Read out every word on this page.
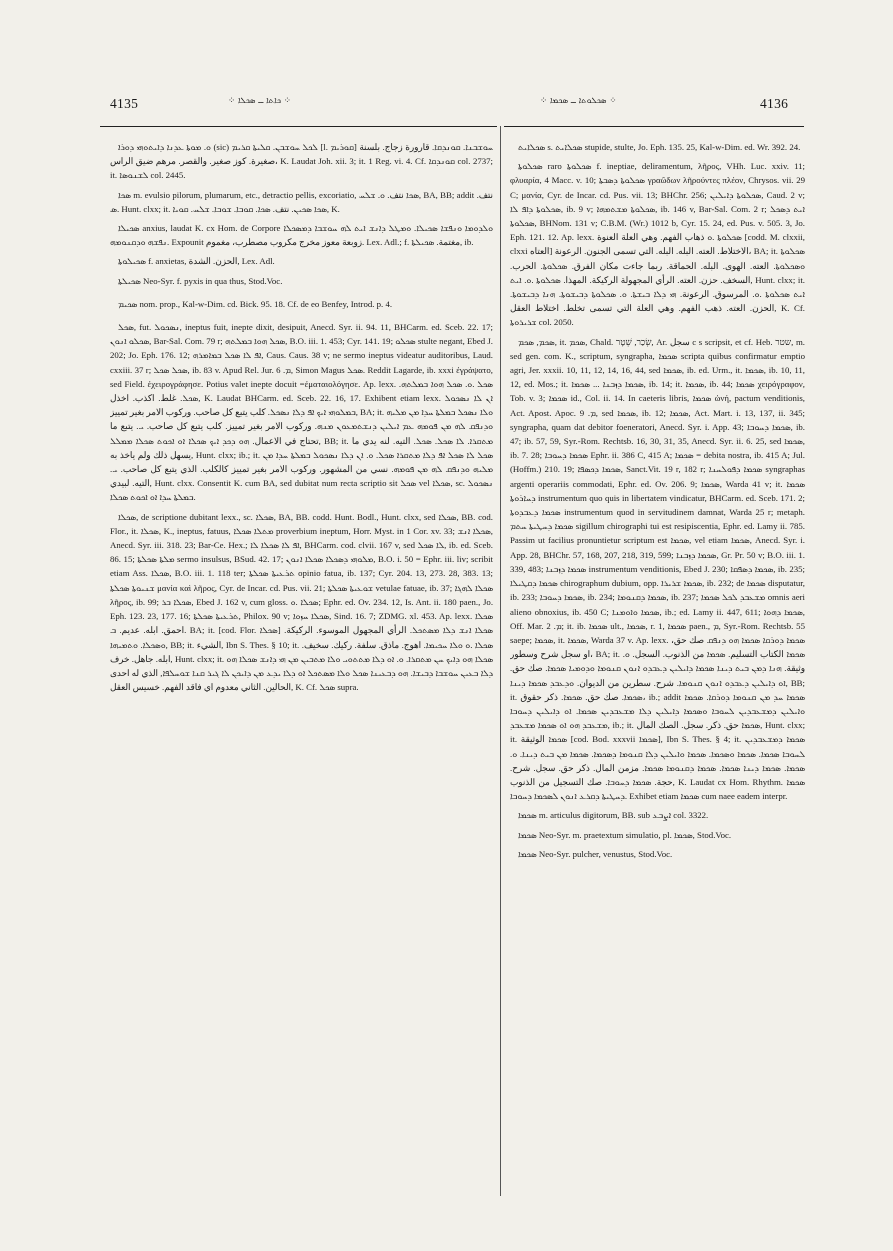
4135	⁘ ܟܐܬܐ ــ ܣܟܠܐ ⁘	⁘ ܣܟܠܘܬܐ ــ ܣܟܡܐ ⁘	4136

ܘ. ܡܘܬܐ ܥܕܢܐ ܕܐܝܬܘܗܝ ܕܘܪܐ (sic) ܠܟܠ ܚܘܫܒܢ. ܩܠܝܬܐ ܩܪܝܡ [l. ܩܘܪܝܡ] ܚܘܫܒܢܐ. ܩܘܢܕܩܐ. قارورة زجاج. بلسنة صغيرة. كوز صغير. والقصر. مرهم ضيق الراس، K. Laudat Joh. xii. 3; it. 1 Reg. vi. 4. Cf. ܩܘܢܕܩܐ col. 2737; it. ܠܫܢܘܣܐ col. 2445.

ܣܟܐ m. evulsio pilorum, plumarum, etc., detractio pellis, excoriatio, ܣܟܐ نتف. ܘ. ܫܠܚ, BA, BB; addit نتف. ܣ. Hunt. clxx; it. ܣܟܐ ܣܟܝܢ. نتف. ܣܟܐ. ܩܘܒܐ. ܫܘܒܐ. ܫܠܚ. ܩܘܝܐ, K.

ܣܟܝܠܐ anxius, laudat K. cx Hom. de Corpore ܘܠܕܘܡܐ ܘܢܦܫܐ ܣܟܝܠܐ. ܘܡܛܠ ܕܐܢܫ ܐܝܬ ܠܗ ܚܘܫܒܐ ܕܡܣܟܠܐ ܢܦܫܗ ܘܕܩܢܘܡܗ. Expounit زوبعة معوز مخرج مكروب مصطرب، مغموم. Lex. Adl.; f. مغتمة. ܣܟܝܠܬܐ, ib.

ܣܟܝܠܘܬܐ f. anxietas, الحزن. الشدة, Lex. Adl.

ܣܟܝܠܬܐ Neo-Syr. f. pyxis in qua thus, Stod.Voc.

ܣܟܝܡ nom. prop., Kal-w-Dim. cd. Bick. 95. 18. Cf. de eo Benfey, Introd. p. 4.

ܣܟܠ, fut. ܢܣܟܘܠ, ineptus fuit, inepte dixit, desipuit, Anecd. Syr. ii. 94. 11, BHCarm. ed. Sceb. 22. 17; ܣܟܠܘ ܐܢܘܢ, Bar-Sal. Com. 79 r; ܣܟܠ ܗܘܐ ܒܡܠܬܗ, B.O. iii. 1. 453; Cyr. 141. 19; ܣܟܠܘ stulte negant, Ebed J. 202; Jo. Eph. 176. 12; ܐܦ ܠܐ ܣܟܠ ܒܡܐܡܪܗ, Caus. Caus. 38 v; ne sermo ineptus videatur auditoribus, Laud. cxxiii. 37 r; ܣܟܠ ܣܟܠ, ib. 83 v. Apud Rel. Jur. ܡ. 6, Simon Magus ܣܟܠ. Reddit Lagarde, ib. xxxi ἐγράψατο, sed Field. ἐχειρογράφησε. Potius valet inepte docuit =ἐματαιολόγησε. Ap. lexx. ܣܟܠ .ܘ. ܣܟܠ ܗܘܐ ܒܡܠܬܗ. ܣܟܠ. غلط. اكذب. اخذل, K. Laudat BHCarm. ed. Sceb. 22. 16, 17. Exhibent etiam lexx. ܐܢ ܠܐ ܢܣܟܘܠ ܒܡܠܘܗܝ ܐܝܟ ܐܦ ܕܠܐ ܢܣܟܠ. كلب يتبع كل صاحب. وركوب الامر بغير تمييز, BA; it. ܘܠܐ ܢܣܟܠ ܒܡܠܬܐ ܚܕܐ ܡܢ ܡܠܝܗ ܘܕܢܦܩ ܠܗ ܡܢ ܦܘܡܗ ܥܡ ܐܝܠܝܢ ܕܢܫܬܡܥܘܢ ܡܢܗ. وركوب الامر بغير تمييز. كلب يتبع كل صاحب. ܝ. يتبع ما تحتاج في الاعمال. ܗܘ ܕܟܕ ܐܝܟ ܣܟܠܐ ܐܘ ܐܟܘܬ ܣܟܠܐ ܡܡܠܠ, BB; it. ܡܬܩܪܐ. ܠܐ ܣܟܠ. ܣܟܠ. التيه. لنه يدي ما يسهل ذلك ولم ياخذ به, Hunt. clxx; ib.; it. ܣܟܠ ܠܐ ܣܟܠ ܐܦ ܕܠܐ ܡܬܩܪܐ ܣܟܠ. ܘ. ܐܢ ܕܠܐ ܢܣܟܘܠ ܒܡܠܬܐ ܚܕܐ ܡܢ ܡܠܝܗ ܘܕܢܦܩ ܠܗ ܡܢ ܦܘܡܗ. نسي من المشهور. وركوب الامر بغير تمييز كالكلب. الذي يتبع كل صاحب. ܝ. التيه. لبيدي, Hunt. clxx. Consentit K. cum BA, sed dubitat num recta scriptio sit ܣܟܠ vel ܣܟܠܐ, sc. ܢܣܟܘܠ ܒܡܠܬܐ ܚܕܐ ܐܘ ܐܟܘܬ ܣܟܠܐ.

ܣܟܠܐ, de scriptione dubitant lexx., sc. ܣܟܠܐ, BA, BB. codd. Hunt. Bodl., Hunt. clxx, sed ܣܟܠܐ, BB. cod. Flor., it. ܣܟܠܐ, K., ineptus, fatuus, ܡܬܠܐ ܣܟܠܐ proverbium ineptum, Horr. Myst. in 1 Cor. xv. 33; ܣܟܠܐ ܐܢܫ, Anecd. Syr. iii. 318. 23; Bar-Ce. Hex.; ܐܦ ܠܐ ܣܟܠܐ ܠܐ, BHCarm. cod. clvii. 167 v, sed ܠܐ ܣܟܠ, ib. ed. Sceb. 86. 15; ܡܠܬܐ ܣܟܠܬܐ sermo insulsus, BSud. 42. 17; ܡܠܘܗܝ ܕܣܟܠܐ ܣܟܠܐ ܐܢܘܢ, B.O. i. 50 = Ephr. iii. liv; scribit etiam Ass. ܣܟܠܐ, B.O. iii. 1. 118 ter; ܬܪܥܝܬܐ ܣܟܠܬܐ opinio fatua, ib. 137; Cyr. 204. 13, 273. 28, 383. 13; ܫܢܝܘܬܐ ܣܟܠܬܐ μανία καὶ λῆρος, Cyr. de Incar. cd. Pus. vii. 21; ܫܘܥܝܬܐ ܣܟܠܬܐ vetulae fatuae, ib. 37; ܣܟܠܐ ܠܗܓܐ λῆρος, ib. 99; ܣܟܠܐ ܒܪ, Ebed J. 162 v, cum gloss. ܣܟܠܐ .ܘ; Ephr. ed. Ov. 234. 12, Is. Ant. ii. 180 paen., Jo. Eph. 123. 23, 177. 16; ܬܪܥܝܬܐ ܣܟܠܬܐ, Philox. 90 v; ܣܟܠܐ ܚܙܘܐ, Sind. 16. 7; ZDMG. xl. 453. Ap. lexx. ܣܟܠܐ احمق. ابله. عديم. ܒ. BA; it. [cod. Flor. ܣܟܠܐ] ܣܟܠܐ ܐܢܫ ܕܠܐ ܡܣܬܟܠ. الرأي المجهول الموسوء. الركيكة. ܘܣܟܠܐ. ܘܬܡܝܗܐ, BB; it. الشيء, Ibn S. Thes. § 10; it. ܣܟܠܐ .ܘ ܘܠܐ ܚܟܝܡܐ. اهوج. ماذق. سلفة. ركيك. سخيف. ابله. جاهل. خرف, Hunt. clxx; it. ܣܟܠܐ ܗܘ ܕܐܝܟ ܚܢ ܡܬܩܪܐ. ܘ. ܐܘ ܕܠܐ ܡܬܬܘܝ ܘܠܐ ܡܬܒܝܢ ܡܢ ܗܝ ܕܐܢܫ ܣܟܠܐ ܗܘ ܕܠܐ ܒܥܝܢ ܚܘܫܒܐ ܕܒܝܫܐ. ܗܘ ܕܒܥܝܢܐ ܣܟܠ ܘܠܐ ܡܣܬܟܠ ܐܘ ܕܠܐ ܝܕܥ ܡܢ ܕܐܝܟܢ ܠܐ ܓܝܪ ܩܢܐ ܫܘܚܠܦܐ, الذي له احدى الحالين. الثاني معدوم اي فاقد الفهم. خسيس العقل, K. Cf. ܣܟܠ supra.

ܣܟܠܐܝܬ s. ܣܟܠܐܝܬ stupide, stulte, Jo. Eph. 135. 25, Kal-w-Dim. ed. Wr. 392. 24.

ܣܟܠܘܬܐ raro ܣܟܠܘܬܐ f. ineptiae, deliramentum, λῆρος, VHh. Luc. xxiv. 11; φλυαρία, 4 Macc. v. 10; ܣܟܠܘܬܐ ܕܣܒܬܐ γραῶδων λῆρούντες πλέον, Chrysos. vii. 29 C; μανία, Cyr. de Incar. cd. Pus. vii. 13; BHChr. 256; ܣܟܠܘܬܐ ܕܐܝܠܝܢ, Caud. 2 v; ܣܟܠܘܬܐ ܕܐܦ ܠܐ, ib. 9 v; ܣܟܠܘܬܐ ܡܫܬܡܗܐ, ib. 146 v, Bar-Sal. Com. 2 r; ܐܝܬ ܕܣܟܠ ܣܟܠܘܬܐ, BHNom. 131 v; C.B.M. (Wr.) 1012 b, Cyr. 15. 24, ed. Pus. v. 505. 3, Jo. Eph. 121. 12. Ap. lexx. ܣܟܠܘܬܐ .ܘ ذهاب الفهم. وهي العلة العنوة [codd. M. clxxii, clxxi العتاه] الاختلاط. العته. البله. البله. التي تسمى الجنون. الرعونة، BA; it. ܣܟܠܘܬܐ ܘܣܟܠܘܬܐ. العته. الهوى. البله. الحماقة. ربما جاءت مكان الفرق. ܣܟܠܘܬܐ. الحرب. السخف. حزن. العته. الرأي المجهولة الركيكة. المهذا. ܣܟܠܘܬܐ .ܘ. ܐܝܬ, Hunt. clxx; it. ܐܝܬ ܣܟܠܘܬܐ .ܘ. المرسوق. الرعونة. ܗܝ ܕܠܐ ܒܝܫܬܐ. ܘ. ܣܟܠܘܬܐ ܕܒܝܫܘܬܐ. ܗܢܐ ܕܒܝܫܘܬܐ. الحزن. العته. ذهب الفهم. وهي العلة التي تسمى تخلط. اختلاط العقل, K. Cf. ܫܪܝܪܘܬܐ col. 2050.

ܣܟܡ, ܣܟܡ, it. ܣܟܡ, Chald. שְׂכַר, שְׁטָר, Ar. سجل c s scripsit, et cf. Heb. שטר, m. sed gen. com. K., scriptum, syngrapha, ܣܟܡܐ scripta quibus confirmatur emptio agri, Jer. xxxii. 10, 11, 12, 14, 16, 44, sed ܣܟܡܐ, ib. ed. Urm., it. ܣܟܡܐ, ib. 10, 11, 12, ed. Mos.; it. ܣܟܡܐ ܕܙܒܢܐ ... ܣܟܡܐ, ib. 14; it. ܣܟܡܐ, ib. 44; ܣܟܡܐ χειρόγραφον, Tob. v. 3; ܣܟܡܐ id., Col. ii. 14. In caeteris libris, ܣܟܡܐ ὠνή, pactum venditionis, Act. Apost. Apoc. ܡ. 9, sed ܣܟܡܐ, ib. 12; ܣܟܡܐ, Act. Mart. i. 13, 137, ii. 345; syngrapha, quam dat debitor foeneratori, Anecd. Syr. i. App. 43; ܣܟܡܐ ܕܚܘܒܐ, ib. 47; ib. 57, 59, Syr.-Rom. Rechtsb. 16, 30, 31, 35, Anecd. Syr. ii. 6. 25, sed ܣܟܡܐ, ib. 7. 28; ܣܟܡܐ ܕܚܘܒܐ Ephr. ii. 386 C, 415 A; ܣܟܡܐ = debita nostra, ib. 415 A; Jul. (Hoffm.) 210. 19; ܣܟܡܐ ܕܟܣܦܐ, Sanct.Vit. 19 r, 182 r; ܣܟܡܐ ܕܦܘܠܚܢܐ syngraphas argenti operariis commodati, Ephr. ed. Ov. 206. 9; ܣܟܡܐ, Warda 41 v; it. ܣܟܡܐ ܕܚܐܪܘܬܐ instrumentum quo quis in libertatem vindicatur, BHCarm. ed. Sceb. 171. 2; ܣܟܡܐ ܕܥܒܕܘܬܐ instrumentum quod in servitudinem damnat, Warda 25 r; metaph. ܣܟܡܐ ܕܚܛܝܬܐ ܚܬܡ sigillum chirographi tui est resipiscentia, Ephr. ed. Lamy ii. 785. Passim ut facilius pronuntietur scriptum est ܣܟܡܐ, vel etiam ܣܟܡܐ, Anecd. Syr. i. App. 28, BHChr. 57, 168, 207, 218, 319, 599; ܣܟܡܐ ܕܙܒܢܐ, Gr. Pr. 50 v; B.O. iii. 1. 339, 483; ܣܟܡܐ ܕܙܒܢܐ instrumentum venditionis, Ebed J. 230; ܣܟܡܐ ܕܣܦܩܐ, ib. 235; ܣܟܡܐ ܕܩܛܝܠܐ chirographum dubium, opp. ܣܟܡܐ ܫܪܝܪܐ, ib. 232; de ܣܟܡܐ disputatur, ib. 233; ܣܟܡܐ ܕܚܘܒܐ, ib. 234; ܣܟܡܐ ܕܩܢܘܡܐ, ib. 237; ܡܫܥܒܕ ܠܟܠ ܣܟܡܐ omnis aeri alieno obnoxius, ib. 450 C; ܣܟܡܐ ܘܐܘܡܢܐ, ib.; ed. Lamy ii. 447, 611; ܣܟܡܐ ܕܗܘܐ, Off. Mar. ܡ. 2; it. ib. ܣܟܡܐ ult., ܣܟܡܐ, r. 1, ܣܟܡܐ paen., ܡ, Syr.-Rom. Rechtsb. 55 saepe; ܣܟܡܐ, it. ܣܟܡܐ, Warda 37 v. Ap. lexx. ܣܟܡܐ ܕܘܪܩܐ ܣܟܡܐ ܗܘ ܕܢܦܩ صك حق، او سجل شرح وسطور، BA; it. ܣܟܡܐ الكتاب التسليم. ܣܟܡܐ من الذنوب. السجل. ܘ. وثيقة. ܗܢܐ ܕܡܢ ܒܝܬ ܕܝܢܐ ܣܟܡܐ ܕܐܝܠܝܢ ܕܥܒܕܘ ܐܢܘܢ ܩܢܘܡܐ ܘܕܘܡܝܐ ܣܟܡܐ. صك حق. ܐܘ ܕܐܝܠܝܢ ܕܥܒܕܘ ܐܢܘܢ ܩܢܘܡܐ. شرح. سطرين من الديوان. ܘܕܥܒܕ ܣܟܡܐ ܕܝܢܐ, BB; it. ܣܟܡܐ. صك حق. ܣܟܡܐ. ذكر حقوق، ib.; addit ܣܟܡܐ ܚܕ ܡܢ ܩܢܘܡܐ ܕܘܪܩܐ. ܣܟܡܐ ܘܐܝܠܝܢ ܕܡܫܥܒܕܝܢ ܠܚܘܒܐ ܘܣܟܡܐ ܕܐܝܠܝܢ ܕܠܐ ܡܫܥܒܕܝܢ ܣܟܡܐ. ܐܘ ܕܐܝܠܝܢ ܕܚܘܒܐ ܡܫܥܒܕ ܗܘ ܐܘ ܣܟܡܐ ܡܫܥܒܕ, ib.; it. ܣܟܡܐ حق. ذكر. سجل. الصك المال, Hunt. clxx; it. ܣܟܡܐ الوثيقة [cod. Bod. xxxvii ܣܟܡܐ], Ibn S. Thes. § 4; it. ܣܟܡܐ ܕܡܫܥܒܕܝܢ ܠܚܘܒܐ ܣܟܡܐ. ܣܟܡܐ ܘܣܟܡܐ. ܣܟܡܐ ܘܐܝܠܝܢ ܕܠܐ ܩܢܘܡܐ ܕܣܟܡܐ. ܣܟܡܐ ܡܢ ܒܝܬ ܕܝܢܐ. ܘ. ܣܟܡܐ. ܣܟܡܐ ܕܝܢܐ ܣܟܡܐ. ܣܟܡܐ ܕܩܢܘܡܐ ܣܟܡܐ. مزمن المال. ذكر حق. سجل. شرح. حجة. ܣܟܡܐ ܕܚܘܒܐ. صك التسجيل من الذنوب, K. Laudat cx Hom. Rhythm. ܣܟܡܐ ܕܚܛܝܬܐ ܕܩܪܥ ܐܢܘܢ ܠܣܟܡܐ ܕܚܘܒܐ. Exhibet etiam ܣܟܡܐ cum naee eadem interpr.

ܣܟܡܐ m. articulus digitorum, BB. sub ܐܨܒܥ col. 3322.

ܣܟܡܐ Neo-Syr. m. praetextum simulatio, pl. ܣܟܡܐ, Stod.Voc.

ܣܟܡܐ Neo-Syr. pulcher, venustus, Stod.Voc.
